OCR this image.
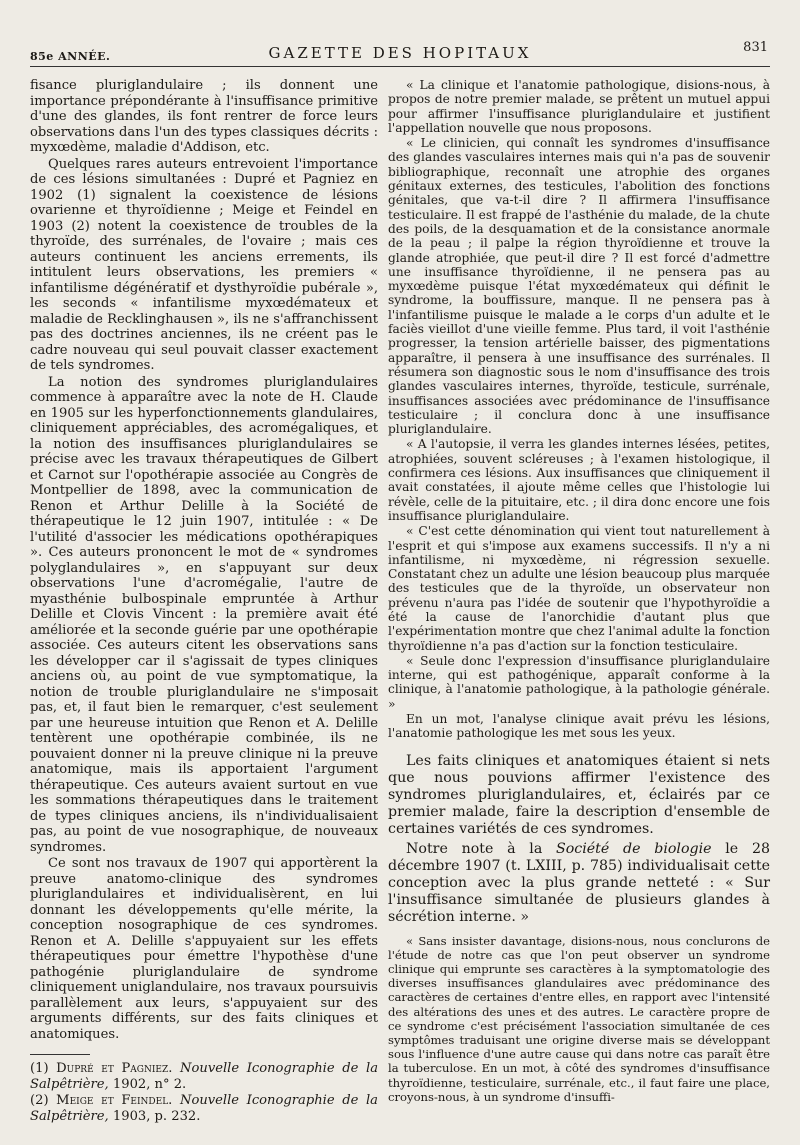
85e ANNÉE.	GAZETTE DES HOPITAUX	831

fisance pluriglandulaire ; ils donnent une importance prépondérante à l'insuffisance primitive d'une des glandes, ils font rentrer de force leurs observations dans l'un des types classiques décrits : myxœdème, maladie d'Addison, etc.

Quelques rares auteurs entrevoient l'importance de ces lésions simultanées : Dupré et Pagniez en 1902 (1) signalent la coexistence de lésions ovarienne et thyroïdienne ; Meige et Feindel en 1903 (2) notent la coexistence de troubles de la thyroïde, des surrénales, de l'ovaire ; mais ces auteurs continuent les anciens errements, ils intitulent leurs observations, les premiers « infantilisme dégénératif et dysthyroïdie pubérale », les seconds « infantilisme myxœdémateux et maladie de Recklinghausen », ils ne s'affranchissent pas des doctrines anciennes, ils ne créent pas le cadre nouveau qui seul pouvait classer exactement de tels syndromes.

La notion des syndromes pluriglandulaires commence à apparaître avec la note de H. Claude en 1905 sur les hyperfonctionnements glandulaires, cliniquement appréciables, des acromégaliques, et la notion des insuffisances pluriglandulaires se précise avec les travaux thérapeutiques de Gilbert et Carnot sur l'opothérapie associée au Congrès de Montpellier de 1898, avec la communication de Renon et Arthur Delille à la Société de thérapeutique le 12 juin 1907, intitulée : « De l'utilité d'associer les médications opothérapiques ». Ces auteurs prononcent le mot de « syndromes polyglandulaires », en s'appuyant sur deux observations l'une d'acromégalie, l'autre de myasthénie bulbospinale empruntée à Arthur Delille et Clovis Vincent : la première avait été améliorée et la seconde guérie par une opothérapie associée. Ces auteurs citent les observations sans les développer car il s'agissait de types cliniques anciens où, au point de vue symptomatique, la notion de trouble pluriglandulaire ne s'imposait pas, et, il faut bien le remarquer, c'est seulement par une heureuse intuition que Renon et A. Delille tentèrent une opothérapie combinée, ils ne pouvaient donner ni la preuve clinique ni la preuve anatomique, mais ils apportaient l'argument thérapeutique. Ces auteurs avaient surtout en vue les sommations thérapeutiques dans le traitement de types cliniques anciens, ils n'individualisaient pas, au point de vue nosographique, de nouveaux syndromes.

Ce sont nos travaux de 1907 qui apportèrent la preuve anatomo-clinique des syndromes pluriglandulaires et individualisèrent, en lui donnant les développements qu'elle mérite, la conception nosographique de ces syndromes. Renon et A. Delille s'appuyaient sur les effets thérapeutiques pour émettre l'hypothèse d'une pathogénie pluriglandulaire de syndrome cliniquement uniglandulaire, nos travaux poursuivis parallèlement aux leurs, s'appuyaient sur des arguments différents, sur des faits cliniques et anatomiques.

(1) Dupré et Pagniez. Nouvelle Iconographie de la Salpêtrière, 1902, n° 2.

(2) Meige et Feindel. Nouvelle Iconographie de la Salpêtrière, 1903, p. 232.

« La clinique et l'anatomie pathologique, disions-nous, à propos de notre premier malade, se prêtent un mutuel appui pour affirmer l'insuffisance pluriglandulaire et justifient l'appellation nouvelle que nous proposons.

« Le clinicien, qui connaît les syndromes d'insuffisance des glandes vasculaires internes mais qui n'a pas de souvenir bibliographique, reconnaît une atrophie des organes génitaux externes, des testicules, l'abolition des fonctions génitales, que va-t-il dire ? Il affirmera l'insuffisance testiculaire. Il est frappé de l'asthénie du malade, de la chute des poils, de la desquamation et de la consistance anormale de la peau ; il palpe la région thyroïdienne et trouve la glande atrophiée, que peut-il dire ? Il est forcé d'admettre une insuffisance thyroïdienne, il ne pensera pas au myxœdème puisque l'état myxœdémateux qui définit le syndrome, la bouffissure, manque. Il ne pensera pas à l'infantilisme puisque le malade a le corps d'un adulte et le faciès vieillot d'une vieille femme. Plus tard, il voit l'asthénie progresser, la tension artérielle baisser, des pigmentations apparaître, il pensera à une insuffisance des surrénales. Il résumera son diagnostic sous le nom d'insuffisance des trois glandes vasculaires internes, thyroïde, testicule, surrénale, insuffisances associées avec prédominance de l'insuffisance testiculaire ; il conclura donc à une insuffisance pluriglandulaire.

« A l'autopsie, il verra les glandes internes lésées, petites, atrophiées, souvent scléreuses ; à l'examen histologique, il confirmera ces lésions. Aux insuffisances que cliniquement il avait constatées, il ajoute même celles que l'histologie lui révèle, celle de la pituitaire, etc. ; il dira donc encore une fois insuffisance pluriglandulaire.

« C'est cette dénomination qui vient tout naturellement à l'esprit et qui s'impose aux examens successifs. Il n'y a ni infantilisme, ni myxœdème, ni régression sexuelle. Constatant chez un adulte une lésion beaucoup plus marquée des testicules que de la thyroïde, un observateur non prévenu n'aura pas l'idée de soutenir que l'hypothyroïdie a été la cause de l'anorchidie d'autant plus que l'expérimentation montre que chez l'animal adulte la fonction thyroïdienne n'a pas d'action sur la fonction testiculaire.

« Seule donc l'expression d'insuffisance pluriglandulaire interne, qui est pathogénique, apparaît conforme à la clinique, à l'anatomie pathologique, à la pathologie générale. »

En un mot, l'analyse clinique avait prévu les lésions, l'anatomie pathologique les met sous les yeux.

Les faits cliniques et anatomiques étaient si nets que nous pouvions affirmer l'existence des syndromes pluriglandulaires, et, éclairés par ce premier malade, faire la description d'ensemble de certaines variétés de ces syndromes.

Notre note à la Société de biologie le 28 décembre 1907 (t. LXIII, p. 785) individualisait cette conception avec la plus grande netteté : « Sur l'insuffisance simultanée de plusieurs glandes à sécrétion interne. »

« Sans insister davantage, disions-nous, nous conclurons de l'étude de notre cas que l'on peut observer un syndrome clinique qui emprunte ses caractères à la symptomatologie des diverses insuffisances glandulaires avec prédominance des caractères de certaines d'entre elles, en rapport avec l'intensité des altérations des unes et des autres. Le caractère propre de ce syndrome c'est précisément l'association simultanée de ces symptômes traduisant une origine diverse mais se développant sous l'influence d'une autre cause qui dans notre cas paraît être la tuberculose. En un mot, à côté des syndromes d'insuffisance thyroïdienne, testiculaire, surrénale, etc., il faut faire une place, croyons-nous, à un syndrome d'insuffi-
